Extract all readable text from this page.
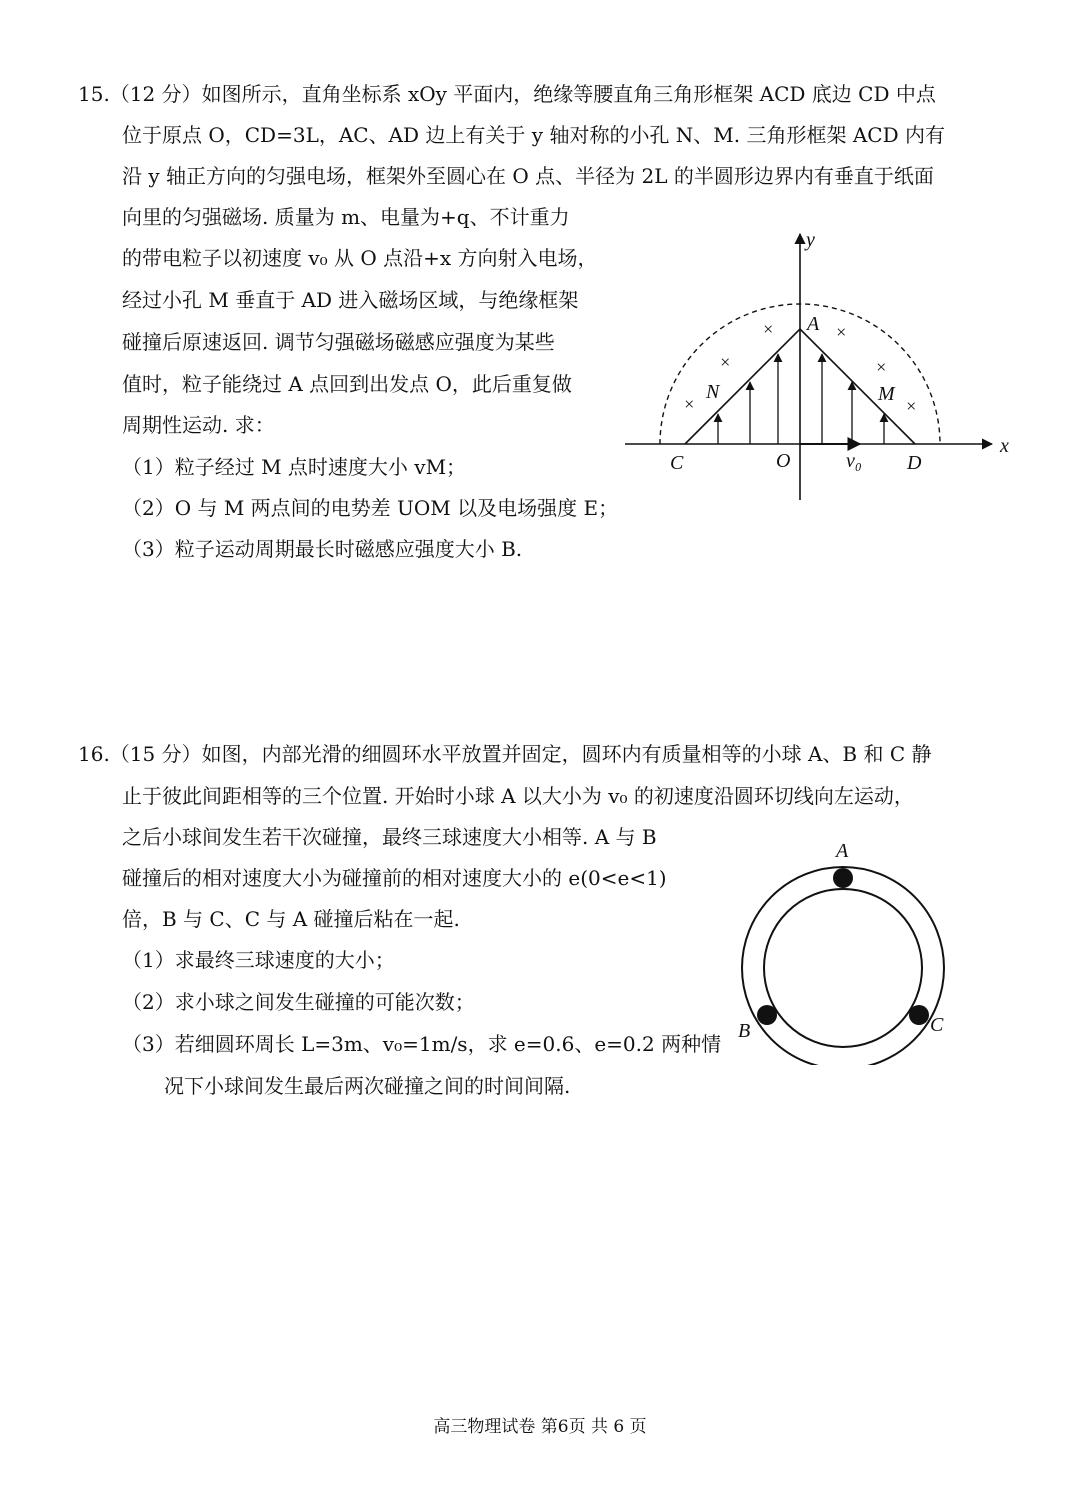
15.（12 分）如图所示，直角坐标系 xOy 平面内，绝缘等腰直角三角形框架 ACD 底边 CD 中点
位于原点 O，CD=3L，AC、AD 边上有关于 y 轴对称的小孔 N、M. 三角形框架 ACD 内有
沿 y 轴正方向的匀强电场，框架外至圆心在 O 点、半径为 2L 的半圆形边界内有垂直于纸面
向里的匀强磁场. 质量为 m、电量为+q、不计重力
的带电粒子以初速度 v₀ 从 O 点沿+x 方向射入电场，
经过小孔 M 垂直于 AD 进入磁场区域，与绝缘框架
碰撞后原速返回. 调节匀强磁场磁感应强度为某些
值时，粒子能绕过 A 点回到出发点 O，此后重复做
周期性运动. 求：
（1）粒子经过 M 点时速度大小 vM；
（2）O 与 M 两点间的电势差 UOM 以及电场强度 E；
（3）粒子运动周期最长时磁感应强度大小 B.
×	×
×	×
×	×
y
x
A
N	M
C	O	v₀ D
16.（15 分）如图，内部光滑的细圆环水平放置并固定，圆环内有质量相等的小球 A、B 和 C 静
止于彼此间距相等的三个位置. 开始时小球 A 以大小为 v₀ 的初速度沿圆环切线向左运动，
之后小球间发生若干次碰撞，最终三球速度大小相等. A 与 B
碰撞后的相对速度大小为碰撞前的相对速度大小的 e(0<e<1)
倍，B 与 C、C 与 A 碰撞后粘在一起.
（1）求最终三球速度的大小；
（2）求小球之间发生碰撞的可能次数；
（3）若细圆环周长 L=3m、v₀=1m/s，求 e=0.6、e=0.2 两种情
况下小球间发生最后两次碰撞之间的时间间隔.
A
B	C
高三物理试卷 第6页 共 6 页
